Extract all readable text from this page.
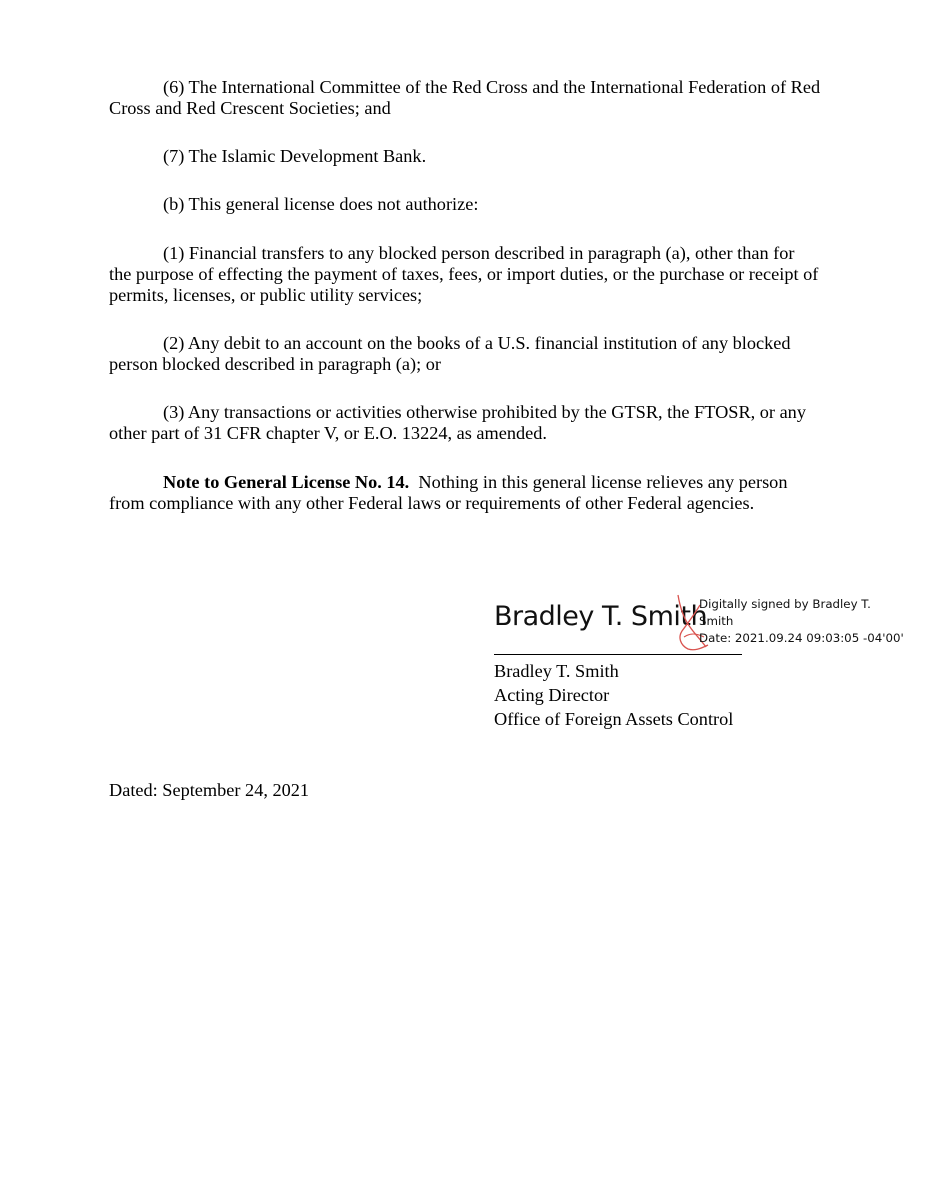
(6) The International Committee of the Red Cross and the International Federation of Red
Cross and Red Crescent Societies; and

(7) The Islamic Development Bank.

(b) This general license does not authorize:

(1) Financial transfers to any blocked person described in paragraph (a), other than for
the purpose of effecting the payment of taxes, fees, or import duties, or the purchase or receipt of
permits, licenses, or public utility services;

(2) Any debit to an account on the books of a U.S. financial institution of any blocked
person blocked described in paragraph (a); or

(3) Any transactions or activities otherwise prohibited by the GTSR, the FTOSR, or any
other part of 31 CFR chapter V, or E.O. 13224, as amended.

Note to General License No. 14. Nothing in this general license relieves any person
from compliance with any other Federal laws or requirements of other Federal agencies.

Bradley T. Smith
Digitally signed by Bradley T.
Smith
Date: 2021.09.24 09:03:05 -04'00'
Bradley T. Smith
Acting Director
Office of Foreign Assets Control
Dated: September 24, 2021
